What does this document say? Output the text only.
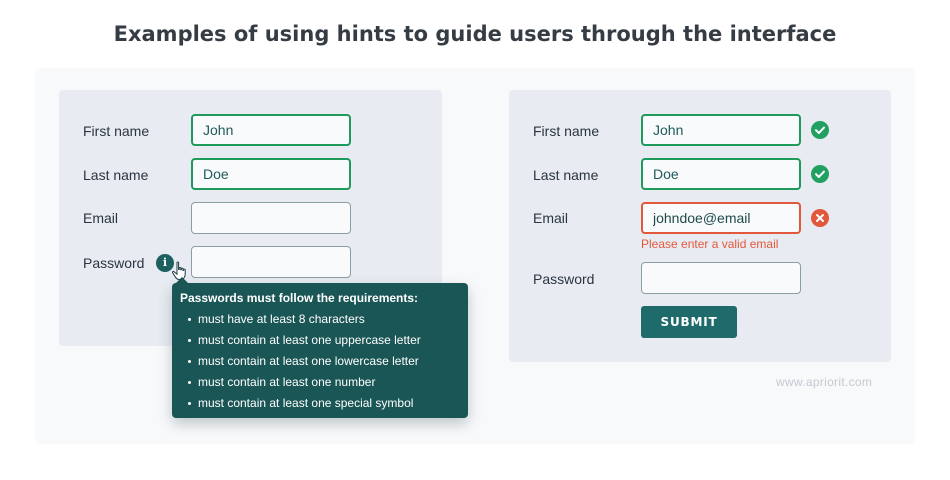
Examples of using hints to guide users through the interface
First name
John
Last name
Doe
Email
Password	i
Passwords must follow the requirements:
must have at least 8 characters
must contain at least one uppercase letter
must contain at least one lowercase letter
must contain at least one number
must contain at least one special symbol
First name
John
Last name
Doe
Email
johndoe@email
Please enter a valid email
Password
SUBMIT
www.apriorit.com
